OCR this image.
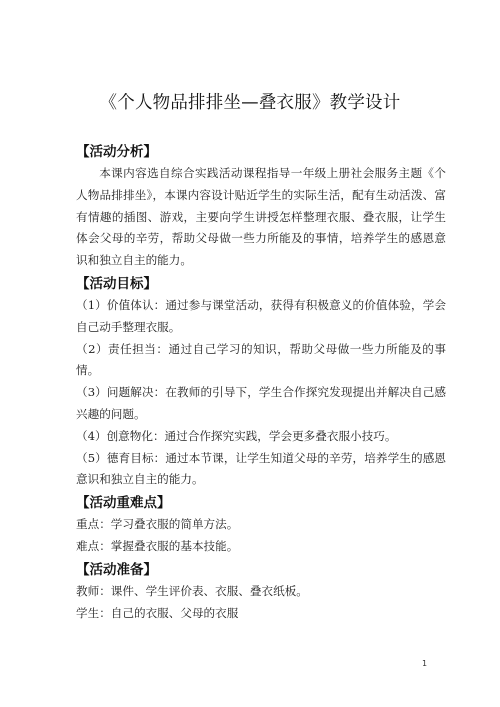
《个人物品排排坐—叠衣服》教学设计
【活动分析】
本课内容选自综合实践活动课程指导一年级上册社会服务主题《个人物品排排坐》，本课内容设计贴近学生的实际生活，配有生动活泼、富有情趣的插图、游戏，主要向学生讲授怎样整理衣服、叠衣服，让学生体会父母的辛劳，帮助父母做一些力所能及的事情，培养学生的感恩意识和独立自主的能力。
【活动目标】
（1）价值体认：通过参与课堂活动，获得有积极意义的价值体验，学会自己动手整理衣服。
（2）责任担当：通过自己学习的知识，帮助父母做一些力所能及的事情。
（3）问题解决：在教师的引导下，学生合作探究发现提出并解决自己感兴趣的问题。
（4）创意物化：通过合作探究实践，学会更多叠衣服小技巧。
（5）德育目标：通过本节课，让学生知道父母的辛劳，培养学生的感恩意识和独立自主的能力。
【活动重难点】
重点：学习叠衣服的简单方法。
难点：掌握叠衣服的基本技能。
【活动准备】
教师：课件、学生评价表、衣服、叠衣纸板。
学生：自己的衣服、父母的衣服
1
